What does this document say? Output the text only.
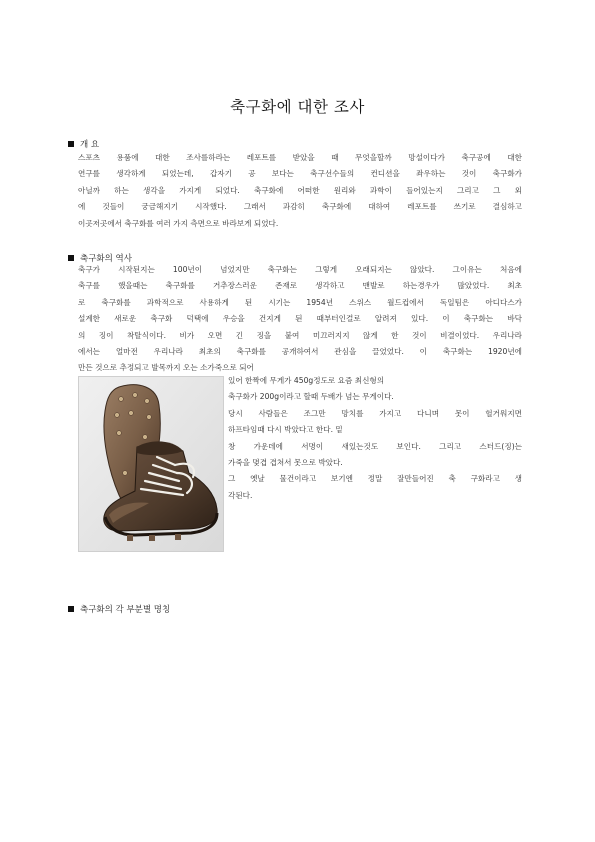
축구화에 대한 조사
개 요
스포츠 용품에 대한 조사를하라는 레포트를 받았을 때 무엇을할까 망설이다가 축구공에 대한
연구를 생각하게 되었는데, 갑자기 공 보다는 축구선수들의 컨디션을 좌우하는 것이 축구화가
아닐까 하는 생각을 가지게 되었다. 축구화에 어떠한 원리와 과학이 들어있는지 그리고 그 외
에 것들이 궁금해지기 시작했다. 그래서 과감히 축구화에 대하여 레포트를 쓰기로 결심하고
이곳저곳에서 축구화를 여러 가지 측면으로 바라보게 되었다.
축구화의 역사
축구가 시작된지는 100년이 넘었지만 축구화는 그렇게 오래되지는 않았다. 그이유는 처음에
축구를 했을때는 축구화를 거추장스러운 존재로 생각하고 맨발로 하는경우가 많았었다. 최초
로 축구화를 과학적으로 사용하게 된 시기는 1954년 스위스 월드컵에서 독일팀은 아디다스가
설계한 새로운 축구화 덕택에 우승을 건지게 된 때부터인걸로 알려져 있다. 이 축구화는 바닥
의 징이 착탈식이다. 비가 오면 긴 징을 붙여 미끄러지지 않게 한 것이 비결이었다. 우리나라
에서는 얼마전 우리나라 최초의 축구화를 공개하여서 관심을 끌었었다. 이 축구화는 1920년에
만든 것으로 추정되고 발목까지 오는 소가죽으로 되어
있어 한짝에 무게가 450g정도로 요즘 최신형의
축구화가 200g이라고 할때 두배가 넘는 무게이다.
당시 사람들은 조그만 망치를 가지고 다니며 못이 헐거워지면
하프타임때 다시 박았다고 한다. 밑
창 가운데에 서명이 새있는것도 보인다. 그리고 스터드(징)는
가죽을 몇겹 겹쳐서 못으로 박았다.
그 옛날 물건이라고 보기엔 정말 잘만들어진 축 구화라고 생
각된다.
축구화의 각 부분별 명칭
